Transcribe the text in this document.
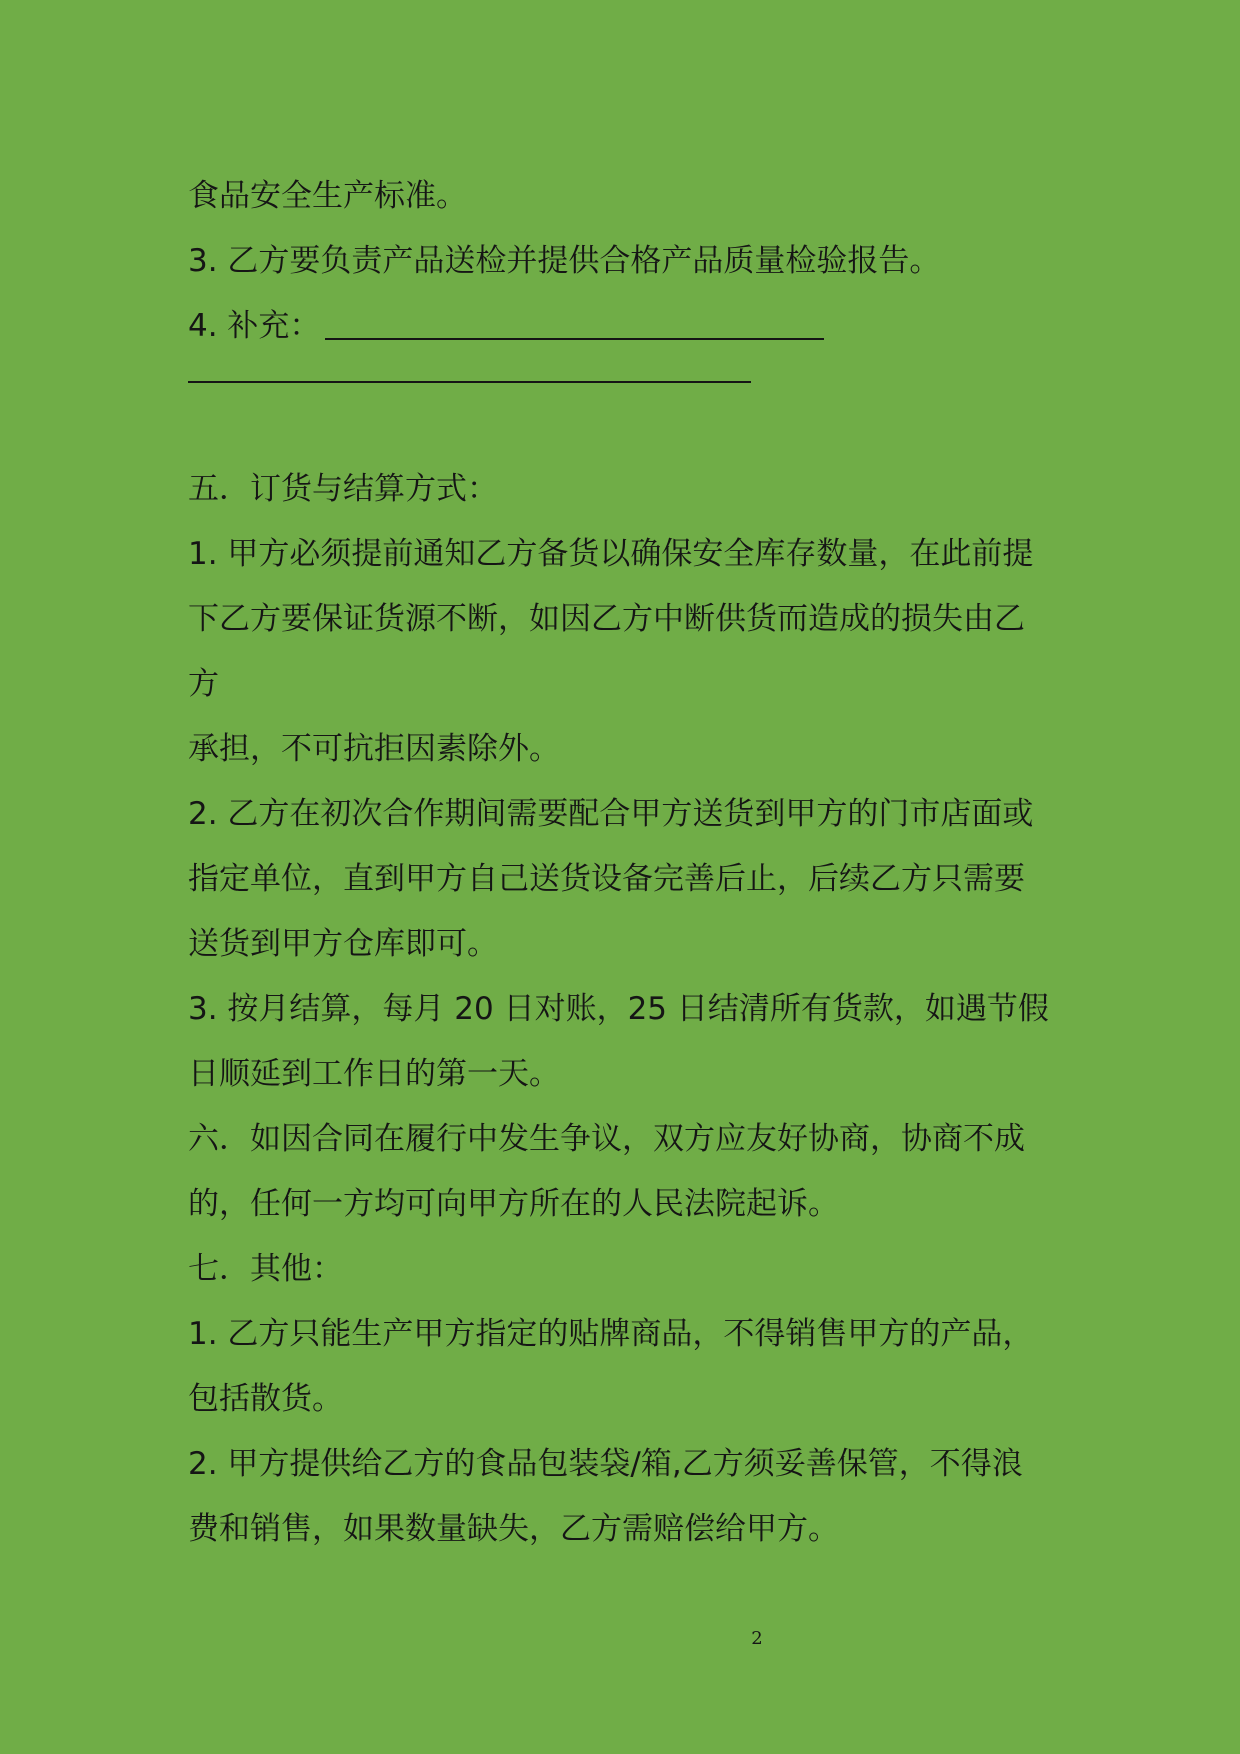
食品安全生产标准。
3. 乙方要负责产品送检并提供合格产品质量检验报告。
4. 补充：
五．订货与结算方式：
1. 甲方必须提前通知乙方备货以确保安全库存数量，在此前提
下乙方要保证货源不断，如因乙方中断供货而造成的损失由乙
方
承担，不可抗拒因素除外。
2. 乙方在初次合作期间需要配合甲方送货到甲方的门市店面或
指定单位，直到甲方自己送货设备完善后止，后续乙方只需要
送货到甲方仓库即可。
3. 按月结算，每月 20 日对账，25 日结清所有货款，如遇节假
日顺延到工作日的第一天。
六．如因合同在履行中发生争议，双方应友好协商，协商不成
的，任何一方均可向甲方所在的人民法院起诉。
七．其他：
1. 乙方只能生产甲方指定的贴牌商品，不得销售甲方的产品，
包括散货。
2. 甲方提供给乙方的食品包装袋/箱,乙方须妥善保管，不得浪
费和销售，如果数量缺失，乙方需赔偿给甲方。
2
